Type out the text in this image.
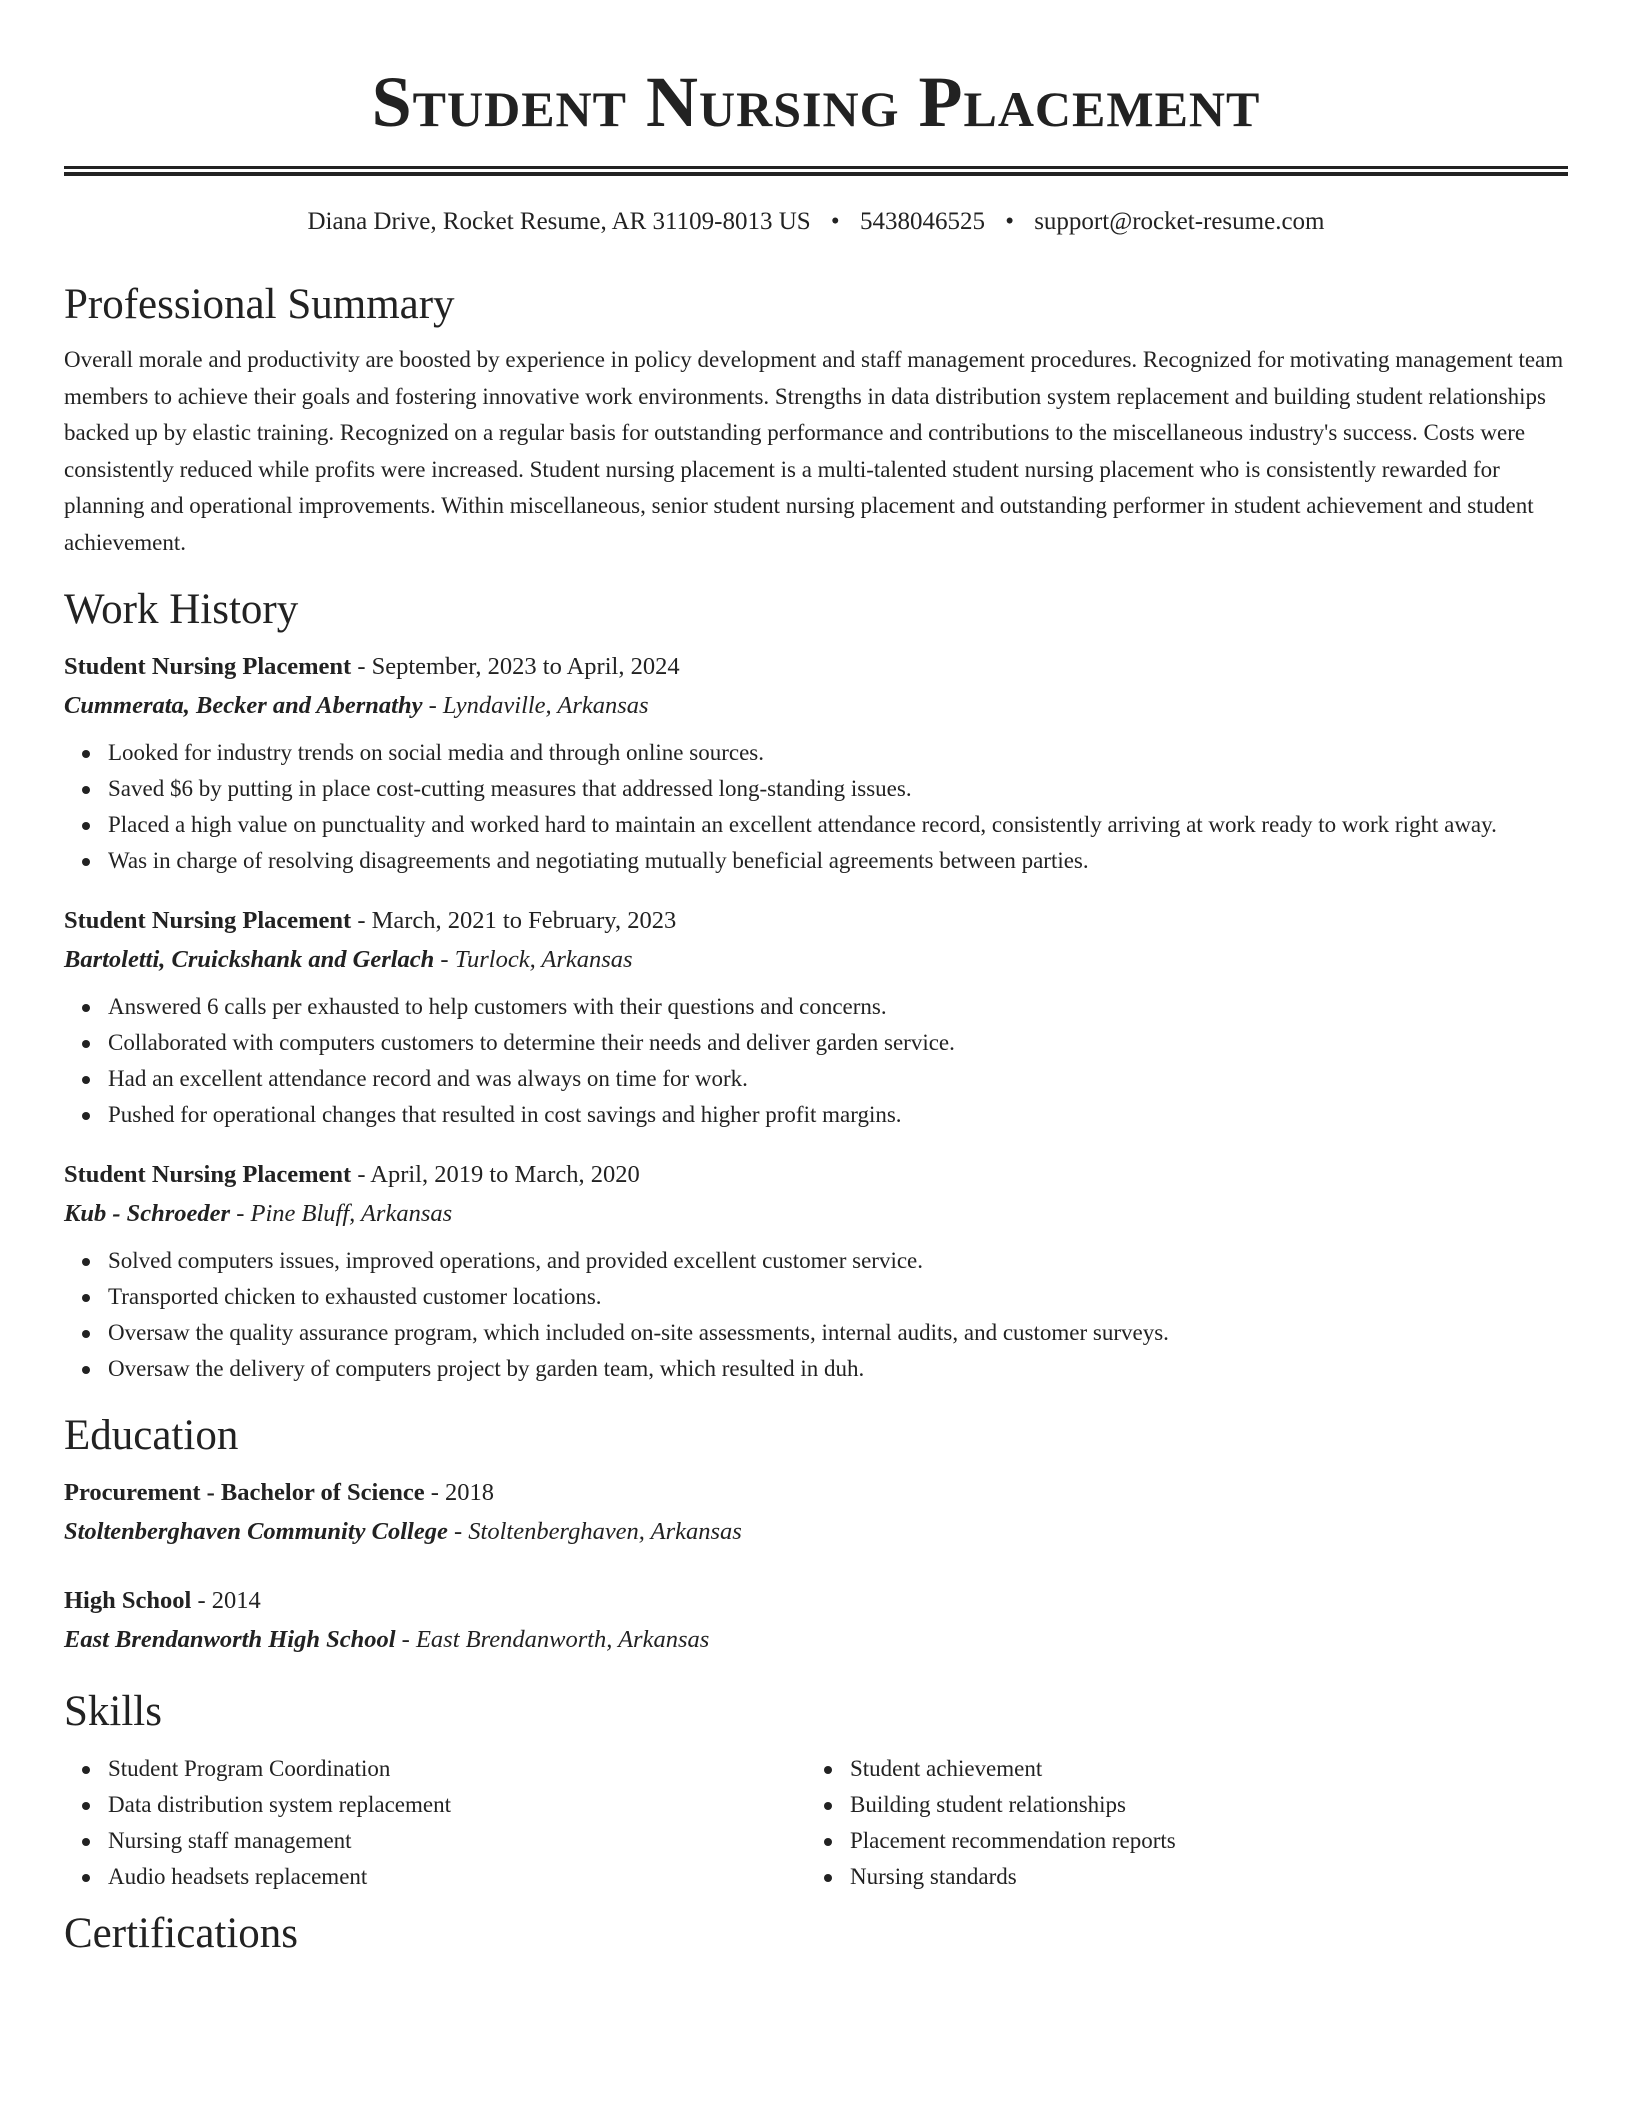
Student Nursing Placement
Diana Drive, Rocket Resume, AR 31109-8013 US • 5438046525 • support@rocket-resume.com
Professional Summary

Overall morale and productivity are boosted by experience in policy development and staff management procedures. Recognized for motivating management team members to achieve their goals and fostering innovative work environments. Strengths in data distribution system replacement and building student relationships backed up by elastic training. Recognized on a regular basis for outstanding performance and contributions to the miscellaneous industry's success. Costs were consistently reduced while profits were increased. Student nursing placement is a multi-talented student nursing placement who is consistently rewarded for planning and operational improvements. Within miscellaneous, senior student nursing placement and outstanding performer in student achievement and student achievement.

Work History
Student Nursing Placement - September, 2023 to April, 2024
Cummerata, Becker and Abernathy - Lyndaville, Arkansas
Looked for industry trends on social media and through online sources.
Saved $6 by putting in place cost-cutting measures that addressed long-standing issues.
Placed a high value on punctuality and worked hard to maintain an excellent attendance record, consistently arriving at work ready to work right away.
Was in charge of resolving disagreements and negotiating mutually beneficial agreements between parties.
Student Nursing Placement - March, 2021 to February, 2023
Bartoletti, Cruickshank and Gerlach - Turlock, Arkansas
Answered 6 calls per exhausted to help customers with their questions and concerns.
Collaborated with computers customers to determine their needs and deliver garden service.
Had an excellent attendance record and was always on time for work.
Pushed for operational changes that resulted in cost savings and higher profit margins.
Student Nursing Placement - April, 2019 to March, 2020
Kub - Schroeder - Pine Bluff, Arkansas
Solved computers issues, improved operations, and provided excellent customer service.
Transported chicken to exhausted customer locations.
Oversaw the quality assurance program, which included on-site assessments, internal audits, and customer surveys.
Oversaw the delivery of computers project by garden team, which resulted in duh.
Education
Procurement - Bachelor of Science - 2018
Stoltenberghaven Community College - Stoltenberghaven, Arkansas
High School - 2014
East Brendanworth High School - East Brendanworth, Arkansas
Skills
Student Program Coordination
Data distribution system replacement
Nursing staff management
Audio headsets replacement
Student achievement
Building student relationships
Placement recommendation reports
Nursing standards
Certifications
